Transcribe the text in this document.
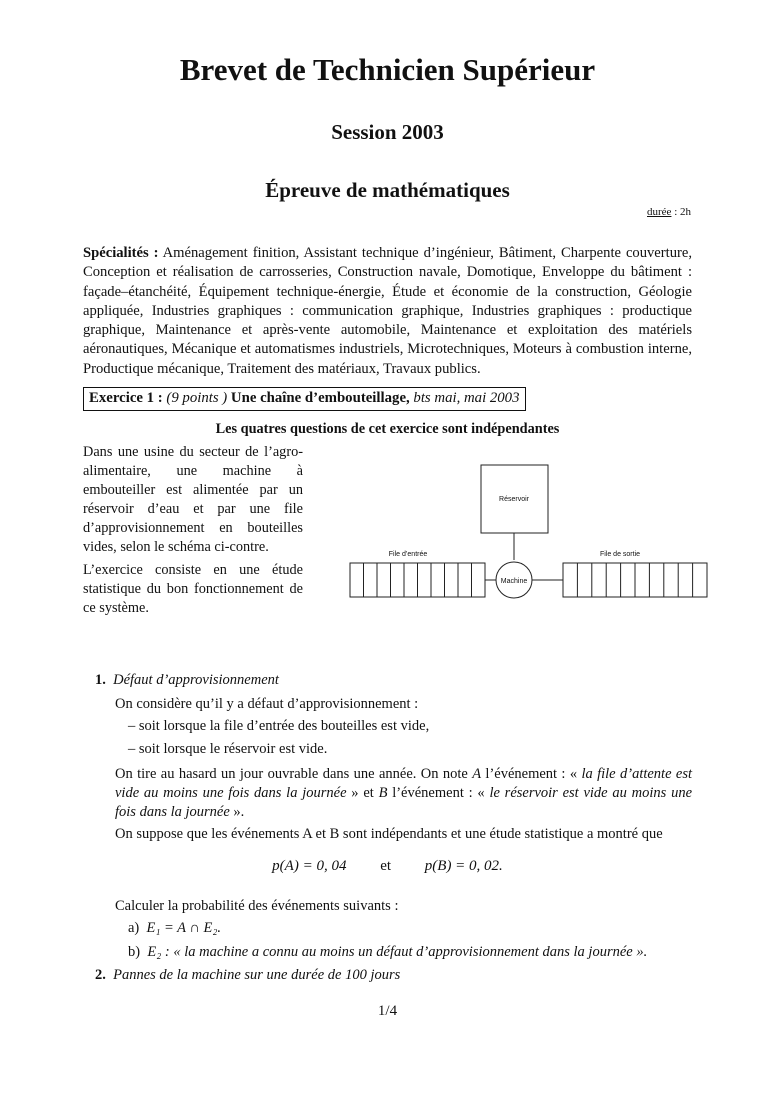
Brevet de Technicien Supérieur
Session 2003
Épreuve de mathématiques
durée : 2h
Spécialités : Aménagement finition, Assistant technique d’ingénieur, Bâtiment, Charpente couverture, Conception et réalisation de carrosseries, Construction navale, Domotique, Enveloppe du bâtiment : façade–étanchéité, Équipement technique-énergie, Étude et économie de la construction, Géologie appliquée, Industries graphiques : communication graphique, Industries graphiques : productique graphique, Maintenance et après-vente automobile, Maintenance et exploitation des matériels aéronautiques, Mécanique et automatismes industriels, Microtechniques, Moteurs à combustion interne, Productique mécanique, Traitement des matériaux, Travaux publics.
Exercice 1 : (9 points ) Une chaîne d’embouteillage, bts mai, mai 2003
Les quatres questions de cet exercice sont indépendantes

Dans une usine du secteur de l’agro-alimentaire, une machine à embouteiller est alimentée par un réservoir d’eau et par une file d’approvisionnement en bouteilles vides, selon le schéma ci-contre.

L’exercice consiste en une étude statistique du bon fonctionnement de ce système.

Réservoir
File d’entrée	File de sortie
Machine
1. Défaut d’approvisionnement
On considère qu’il y a défaut d’approvisionnement :
– soit lorsque la file d’entrée des bouteilles est vide,
– soit lorsque le réservoir est vide.
On tire au hasard un jour ouvrable dans une année. On note A l’événement : « la file d’attente est vide au moins une fois dans la journée » et B l’événement : « le réservoir est vide au moins une fois dans la journée ».
On suppose que les événements A et B sont indépendants et une étude statistique a montré que
p(A) = 0, 04 et p(B) = 0, 02.
Calculer la probabilité des événements suivants :
a) E₁ = A ∩ E₂.
b) E₂ : « la machine a connu au moins un défaut d’approvisionnement dans la journée ».
2. Pannes de la machine sur une durée de 100 jours
1/4
